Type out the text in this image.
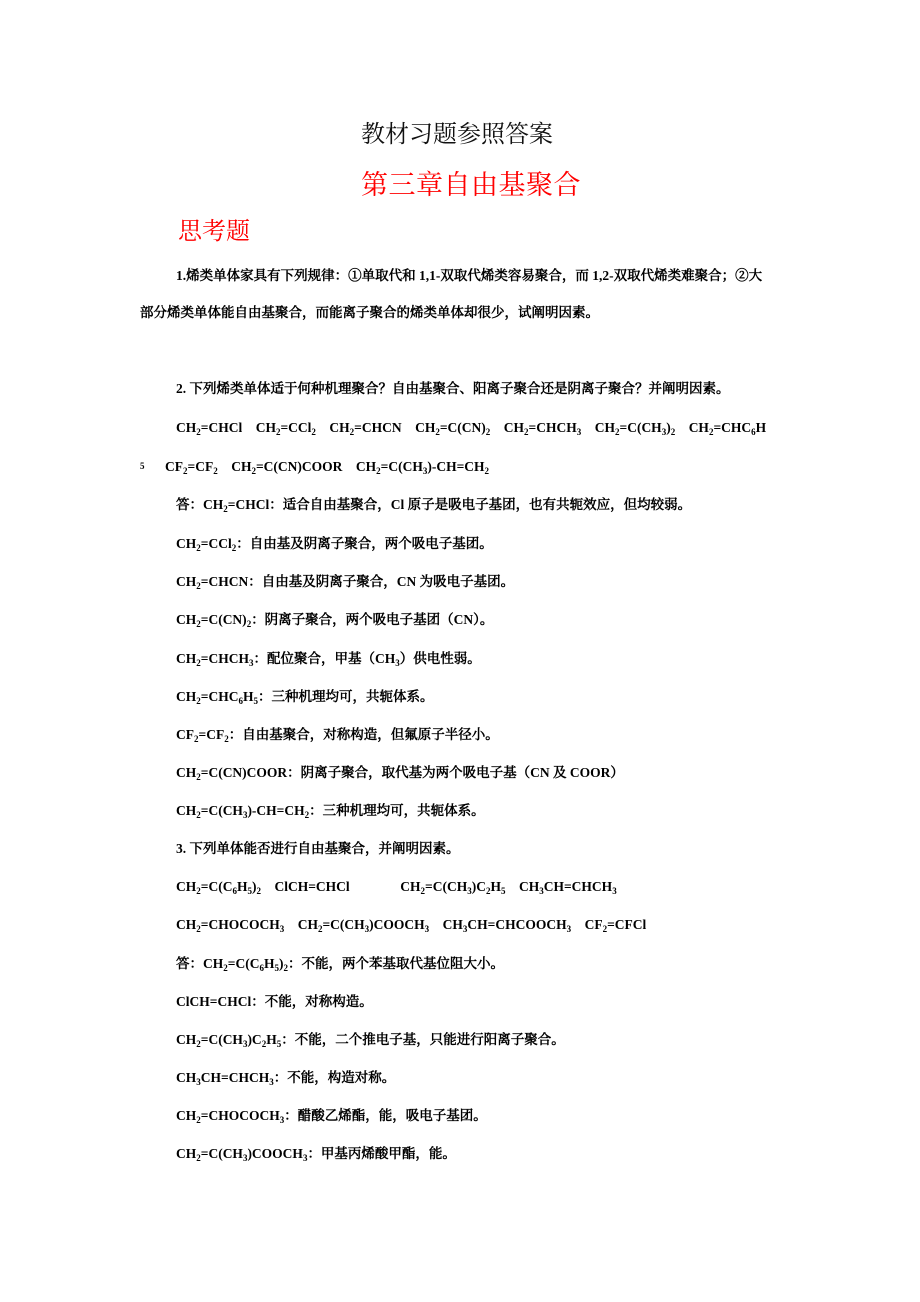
教材习题参照答案
第三章自由基聚合
思考题
5
1.烯类单体家具有下列规律：①单取代和 1,1-双取代烯类容易聚合，而 1,2-双取代烯类难聚合；②大
部分烯类单体能自由基聚合，而能离子聚合的烯类单体却很少，试阐明因素。
2. 下列烯类单体适于何种机理聚合？自由基聚合、阳离子聚合还是阴离子聚合？并阐明因素。
$CH_2=CHCl$    $CH_2=CCl_2$    $CH_2=CHCN$    $CH_2=C(CN)_2$    $CH_2=CHCH_3$    $CH_2=C(CH_3)_2$    $CH_2=CHC_6H$
$CF_2=CF_2$    $CH_2=C(CN)COOR$    $CH_2=C(CH_3)-CH=CH_2$
答：$CH_2=CHCl$：适合自由基聚合，Cl 原子是吸电子基团，也有共轭效应，但均较弱。
$CH_2=CCl_2$：自由基及阴离子聚合，两个吸电子基团。
$CH_2=CHCN$：自由基及阴离子聚合，CN 为吸电子基团。
$CH_2=C(CN)_2$：阴离子聚合，两个吸电子基团（CN）。
$CH_2=CHCH_3$：配位聚合，甲基$(CH_3)$供电性弱。
$CH_2=CHC_6H_5$：三种机理均可，共轭体系。
$CF_2=CF_2$：自由基聚合，对称构造，但氟原子半径小。
$CH_2=C(CN)COOR$：阴离子聚合，取代基为两个吸电子基（CN 及 COOR）
$CH_2=C(CH_3)-CH=CH_2$：三种机理均可，共轭体系。
3. 下列单体能否进行自由基聚合，并阐明因素。
$CH_2=C(C_6H_5)_2$    ClCH=CHCl               $CH_2=C(CH_3)C_2H_5$    $CH_3CH=CHCH_3$
$CH_2=CHOCOCH_3$    $CH_2=C(CH_3)COOCH_3$    $CH_3CH=CHCOOCH_3$    $CF_2=CFCl$
答：$CH_2=C(C_6H_5)_2$：不能，两个苯基取代基位阻大小。
ClCH=CHCl：不能，对称构造。
$CH_2=C(CH_3)C_2H_5$：不能，二个推电子基，只能进行阳离子聚合。
$CH_3CH=CHCH_3$：不能，构造对称。
$CH_2=CHOCOCH_3$：醋酸乙烯酯，能，吸电子基团。
$CH_2=C(CH_3)COOCH_3$：甲基丙烯酸甲酯，能。
